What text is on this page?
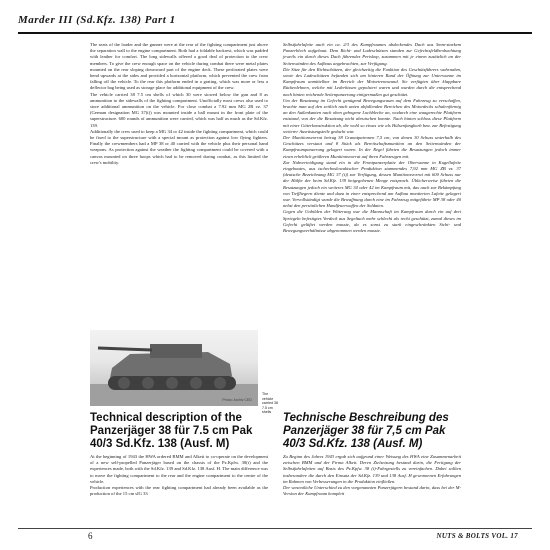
Marder III (Sd.Kfz. 138) Part 1

The seats of the loader and the gunner were at the rear of the fighting compartment just above the separation wall to the engine compartment. Both had a foldable backrest, which was padded with leather for comfort. The long sidewalls offered a good deal of protection to the crew members. To give the crew enough space on the vehicle during combat there were metal plates mounted on the rear sloping downward part of the engine deck. These perforated plates were bend upwards at the sides and provided a horizontal platform, which prevented the crew from falling off the vehicle. To the rear this platform ended in a grating, which was more or less a deflector bag being used as storage place for additional equipment of the crew.

The vehicle carried 38 7.5 cm shells of which 30 were stowed below the gun and 8 as ammunition to the sidewalls of the fighting compartment. Unofficially most crews also used to store additional ammunition on the vehicle. For close combat a 7.92 mm MG 2R vz. 37 (German designation MG 37(t)) was mounted inside a ball mount in the front plate of the superstructure. 600 rounds of ammunition were carried, which was half as much as the Sd.Kfz. 139.

Additionally the crew used to keep a MG 34 or 42 inside the fighting compartment, which could be fixed to the superstructure with a special mount as protection against low flying fighters. Finally the crewmembers had a MP 38 or 40 carried with the vehicle plus their personal hand weapons. As protection against the weather the fighting compartment could be covered with a canvas mounted on three hoops which had to be removed during combat, as this limited the crew's mobility.

Selbstfahrlafette auch ein ca. 2/3 des Kampfraumes abdeckendes Dach aus 5mm-starkem Panzerblech aufgebaut. Dem Richt- und Ladeschützen standen zur Gefechtsfeldbeobachtung jeweils ein durch dieses Dach führendes Periskop, zusammen mit je einem zusätzlich an der Seitenwänden des Aufbaus angebrachten, zur Verfügung.

Die Sitze für den Richtschützen, der gleichzeitig die Funktion des Geschützführers wahrnahm, sowie des Ladeschützen befanden sich am hinteren Rand der Öffnung zur Unterwanne im Kampfraum unmittelbar im Bereich der Motortrennwand. Sie verfügten über klappbare Rückenlehnen, welche mit Lederkissen gepolstert waren und wurden durch die entsprechend nach hinten reichende Seitenpanzerung einigermaßen gut geschützt.

Um der Besatzung im Gefecht genügend Bewegungsraum auf dem Fahrzeug zu verschaffen, brachte man auf den seitlich nach unten abfallenden Bereichen des Motordecks schalenförmig an den Außenkanten nach oben gebogene Lochbleche an, wodurch eine waagerechte Plattform entstand, von der die Besatzung nicht abrutschen konnte. Nach hinten schloss diese Plattform mit einer Gitterkonstruktion ab, die wohl so etwas wie als Hülsenfangkorb bzw. zur Befestigung weiterer Ausrüstungsteile gedacht war.

Der Munitionsvorrat betrug 38 Granatpatronen 7,5 cm, von denen 30 Schuss unterhalb des Geschützes verstaut und 8 Stück als Bereitschaftsmunition an den Seitenwänden der Kampfraumpanzerung gelagert waren. In der Regel führten die Besatzungen jedoch immer einen erheblich größeren Munitionsvorrat auf ihren Fahrzeugen mit.

Zur Nahverteidigung stand ein in die Frontpanzerplatte der Oberwanne in Kugellafette eingebautes, aus tschechoslowakischer Produktion stammendes 7,92 mm MG ZB vz. 37 (deutsche Bezeichnung MG 37 (t)) zur Verfügung, dessen Munitionsvorrat mit 600 Schuss nur der Hälfte der beim Sd.Kfz. 139 beigegebenen Menge entsprach. Üblicherweise führten die Besatzungen jedoch ein weiteres MG 34 oder 42 im Kampfraum mit, das auch zur Bekämpfung von Tieffliegern diente und dazu in einer entsprechend am Aufbau montierten Lafette gelagert war. Vervollständigt wurde die Bewaffnung durch eine im Fahrzeug mitgeführte MP 38 oder 40 nebst den persönlichen Handfeuerwaffen der Soldaten.

Gegen die Unbilden der Witterung war die Mannschaft im Kampfraum durch ein auf drei Spriegeln befestigtes Verdeck aus Segeltuch mehr schlecht als recht geschützt, zumal dieses im Gefecht gelüftet werden musste, da es sonst zu stark eingeschränkten Sicht- und Bewegungsverhältnisse abgenommen werden musste.

Photo: Archiv CED
The vehicle carried 38 7.5 cm shells
Technical description of the Panzerjäger 38 für 7.5 cm Pak 40/3 Sd.Kfz. 138 (Ausf. M)

At the beginning of 1943 the HWA ordered BMM and Alkett to co-operate on the development of a new self-propelled Panzerjäger based on the chassis of the Pz.Kpfw. 38(t) and the experiences made, both with the Sd.Kfz. 139 and Sd.Kfz. 138 Ausf. H. The main difference was to move the fighting compartment to the rear and the engine compartment to the centre of the vehicle.

Production experiences with the rear fighting compartment had already been available as the production of the 15 cm sIG 33

Technische Beschreibung des Panzerjäger 38 für 7,5 cm Pak 40/3 Sd.Kfz. 138 (Ausf. M)

Zu Beginn des Jahres 1943 ergab sich aufgrund einer Weisung des HWA eine Zusammenarbeit zwischen BMM und der Firma Alkett. Deren Zielsetzung bestand darin, die Fertigung der Selbstfahrlafetten auf Basis des Pz.Kpfw. 38 (t)-Fahrgestells zu vereinfachen. Dabei sollten insbesondere die durch den Einsatz der Sd.Kfz. 139 und 138 Ausf. H gewonnenen Erfahrungen im Rahmen von Verbesserungen in die Produktion einfließen.

Der wesentliche Unterschied zu den vorgenannten Panzerjägern bestand darin, dass bei der M-Version der Kampfraum komplett

6	NUTS & BOLTS VOL. 17
